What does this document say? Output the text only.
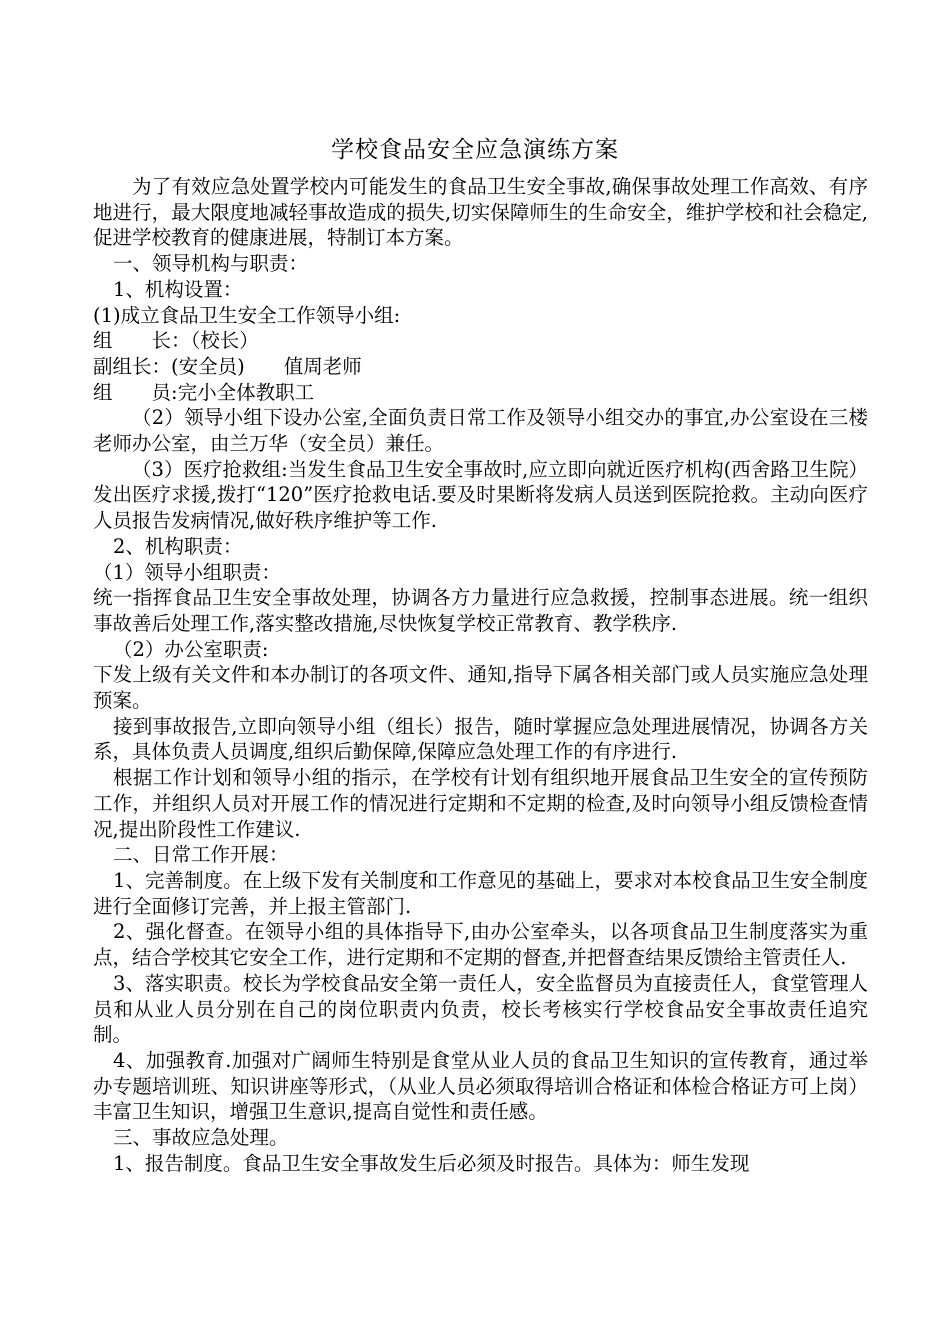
学校食品安全应急演练方案

为了有效应急处置学校内可能发生的食品卫生安全事故,确保事故处理工作高效、有序地进行，最大限度地减轻事故造成的损失,切实保障师生的生命安全，维护学校和社会稳定,促进学校教育的健康进展，特制订本方案。

一、领导机构与职责：

1、机构设置：

(1)成立食品卫生安全工作领导小组:

组　　长：（校长）

副组长：(安全员)　　值周老师

组　　员:完小全体教职工

（2）领导小组下设办公室,全面负责日常工作及领导小组交办的事宜,办公室设在三楼老师办公室，由兰万华（安全员）兼任。

（3）医疗抢救组:当发生食品卫生安全事故时,应立即向就近医疗机构(西舍路卫生院）发出医疗求援,拨打“120”医疗抢救电话.要及时果断将发病人员送到医院抢救。主动向医疗人员报告发病情况,做好秩序维护等工作.

2、机构职责：

（1）领导小组职责：

统一指挥食品卫生安全事故处理，协调各方力量进行应急救援，控制事态进展。统一组织事故善后处理工作,落实整改措施,尽快恢复学校正常教育、教学秩序.

（2）办公室职责:

下发上级有关文件和本办制订的各项文件、通知,指导下属各相关部门或人员实施应急处理预案。

接到事故报告,立即向领导小组（组长）报告，随时掌握应急处理进展情况，协调各方关系，具体负责人员调度,组织后勤保障,保障应急处理工作的有序进行.

根据工作计划和领导小组的指示，在学校有计划有组织地开展食品卫生安全的宣传预防工作，并组织人员对开展工作的情况进行定期和不定期的检查,及时向领导小组反馈检查情况,提出阶段性工作建议.

二、日常工作开展：

1、完善制度。在上级下发有关制度和工作意见的基础上，要求对本校食品卫生安全制度进行全面修订完善，并上报主管部门.

2、强化督查。在领导小组的具体指导下,由办公室牵头，以各项食品卫生制度落实为重点，结合学校其它安全工作，进行定期和不定期的督查,并把督查结果反馈给主管责任人.

3、落实职责。校长为学校食品安全第一责任人，安全监督员为直接责任人，食堂管理人员和从业人员分别在自己的岗位职责内负责，校长考核实行学校食品安全事故责任追究制。

4、加强教育.加强对广阔师生特别是食堂从业人员的食品卫生知识的宣传教育，通过举办专题培训班、知识讲座等形式，（从业人员必须取得培训合格证和体检合格证方可上岗）丰富卫生知识，增强卫生意识,提高自觉性和责任感。

三、事故应急处理。

1、报告制度。食品卫生安全事故发生后必须及时报告。具体为：师生发现
